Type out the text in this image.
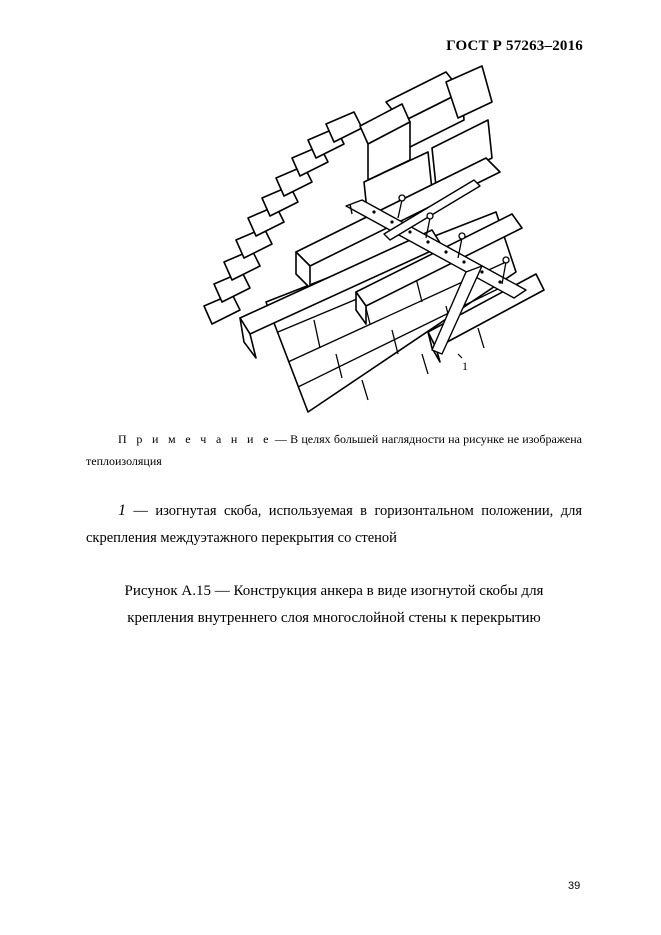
ГОСТ Р 57263–2016
1

П р и м е ч а н и е — В целях большей наглядности на рисунке не изображена теплоизоляция

1 — изогнутая скоба, используемая в горизонтальном положении, для скрепления междуэтажного перекрытия со стеной

Рисунок А.15 — Конструкция анкера в виде изогнутой скобы для
крепления внутреннего слоя многослойной стены к перекрытию
39
